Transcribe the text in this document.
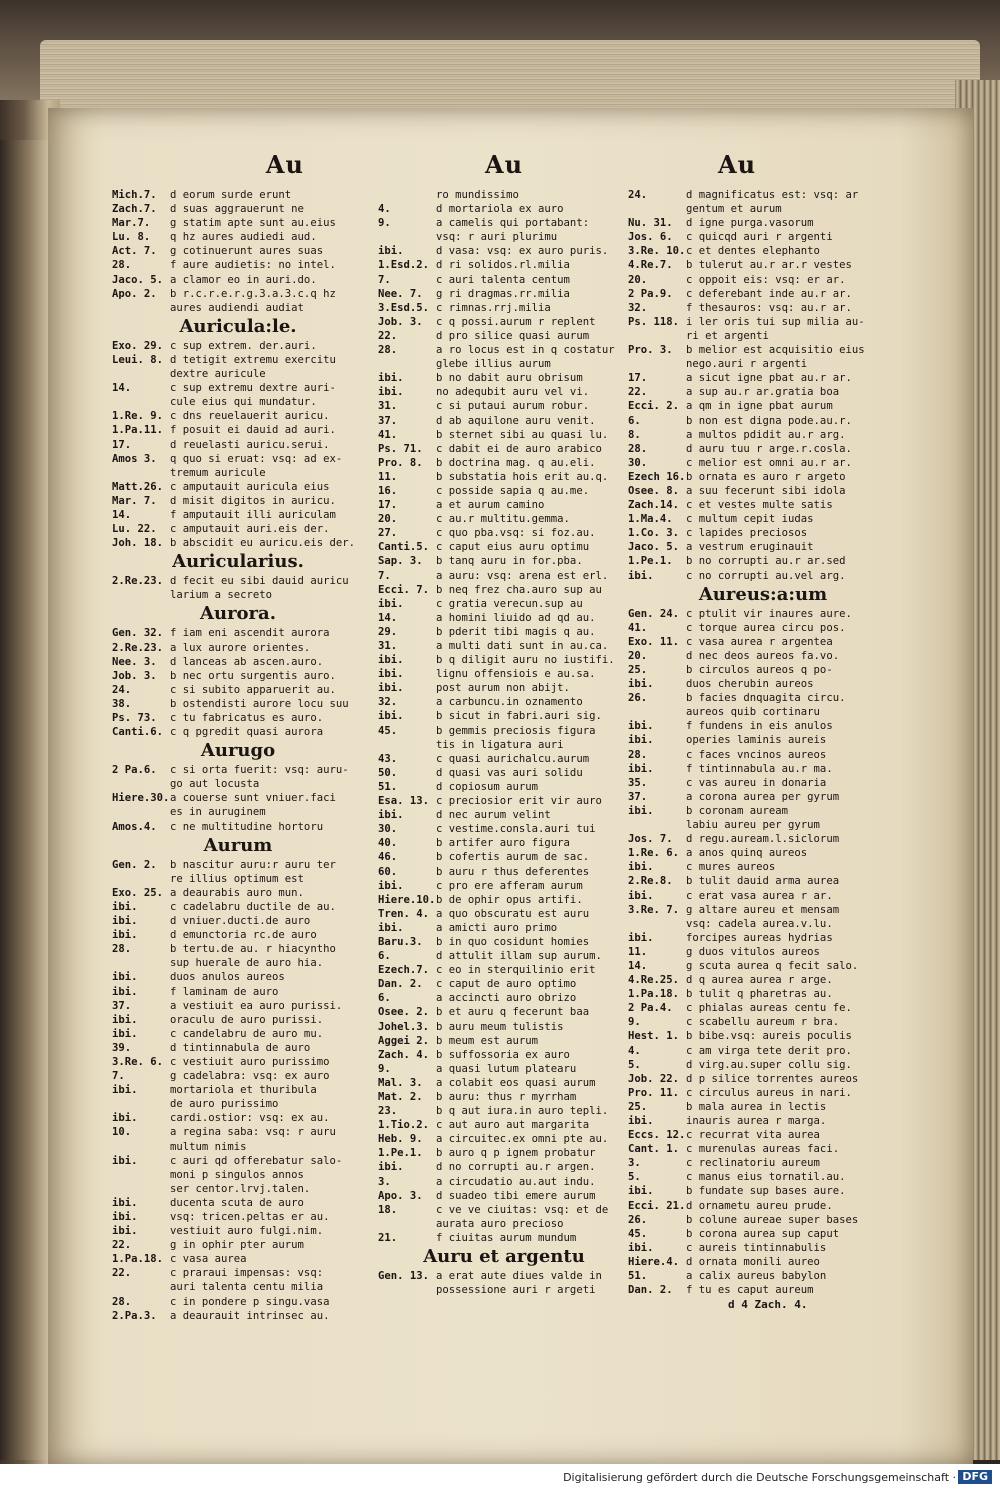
Au
Mich.7.	d eorum surde erunt
Zach.7.	d suas aggrauerunt ne
Mar.7.	g statim apte sunt au.eius
Lu. 8.	q hz aures audiedi aud.
Act. 7.	g cotinuerunt aures suas
28.	f aure audietis: no intel.
Jaco. 5. a clamor eo in auri.do.
Apo. 2.	b r.c.r.e.r.g.3.a.3.c.q hz
aures audiendi audiat
Auricula:le.
Exo. 29. c sup extrem. der.auri.
Leui. 8. d tetigit extremu exercitu
dextre auricule
14.	c sup extremu dextre auri-
cule eius qui mundatur.
1.Re. 9. c dns reuelauerit auricu.
1.Pa.11. f posuit ei dauid ad auri.
17.	d reuelasti auricu.serui.
Amos 3.	q quo si eruat: vsq: ad ex-
tremum auricule
Matt.26. c amputauit auricula eius
Mar. 7.	d misit digitos in auricu.
14.	f amputauit illi auriculam
Lu. 22.	c amputauit auri.eis der.
Joh. 18. b abscidit eu auricu.eis der.
Auricularius.
2.Re.23. d fecit eu sibi dauid auricu
larium a secreto
Aurora.
Gen. 32. f iam eni ascendit aurora
2.Re.23. a lux aurore orientes.
Nee. 3.	d lanceas ab ascen.auro.
Job. 3.	b nec ortu surgentis auro.
24.	c si subito apparuerit au.
38.	b ostendisti aurore locu suu
Ps. 73.	c tu fabricatus es auro.
Canti.6. c q pgredit quasi aurora
Aurugo
2 Pa.6.	c si orta fuerit: vsq: auru-
go aut locusta
Hiere.30. a couerse sunt vniuer.faci
es in auruginem
Amos.4.	c ne multitudine hortoru
Aurum
Gen. 2.	b nascitur auru:r auru ter
re illius optimum est
Exo. 25. a deaurabis auro mun.
ibi.	c cadelabru ductile de au.
ibi.	d vniuer.ducti.de auro
ibi.	d emunctoria rc.de auro
28.	b tertu.de au. r hiacyntho
sup huerale de auro hia.
ibi.	duos anulos aureos
ibi.	f laminam de auro
37.	a vestiuit ea auro purissi.
ibi.	oraculu de auro purissi.
ibi.	c candelabru de auro mu.
39.	d tintinnabula de auro
3.Re. 6. c vestiuit auro purissimo
7.	g cadelabra: vsq: ex auro
ibi.	mortariola et thuribula
de auro purissimo
ibi.	cardi.ostior: vsq: ex au.
10.	a regina saba: vsq: r auru
multum nimis
ibi.	c auri qd offerebatur salo-
moni p singulos annos
ser centor.lrvj.talen.
ibi.	ducenta scuta de auro
ibi.	vsq: tricen.peltas er au.
ibi.	vestiuit auro fulgi.nim.
22.	g in ophir pter aurum
1.Pa.18. c vasa aurea
22.	c praraui impensas: vsq:
auri talenta centu milia
28.	c in pondere p singu.vasa
2.Pa.3.	a deaurauit intrinsec au.
Au
ro mundissimo
4.	d mortariola ex auro
9.	a camelis qui portabant:
vsq: r auri plurimu
ibi.	d vasa: vsq: ex auro puris.
1.Esd.2. d ri solidos.rl.milia
7.	c auri talenta centum
Nee. 7.	g ri dragmas.rr.milia
3.Esd.5. c rimnas.rrj.milia
Job. 3.	c q possi.aurum r replent
22.	d pro silice quasi aurum
28.	a ro locus est in q costatur
glebe illius aurum
ibi.	b no dabit auru obrisum
ibi.	no adequbit auru vel vi.
31.	c si putaui aurum robur.
37.	d ab aquilone auru venit.
41.	b sternet sibi au quasi lu.
Ps. 71.	c dabit ei de auro arabico
Pro. 8.	b doctrina mag. q au.eli.
11.	b substatia hois erit au.q.
16.	c posside sapia q au.me.
17.	a et aurum camino
20.	c au.r multitu.gemma.
27.	c quo pba.vsq: si foz.au.
Canti.5. c caput eius auru optimu
Sap. 3.	b tanq auru in for.pba.
7.	a auru: vsq: arena est erl.
Ecci. 7. b neq frez cha.auro sup au
ibi.	c gratia verecun.sup au
14.	a homini liuido ad qd au.
29.	b pderit tibi magis q au.
31.	a multi dati sunt in au.ca.
ibi.	b q diligit auru no iustifi.
ibi.	lignu offensiois e au.sa.
ibi.	post aurum non abijt.
32.	a carbuncu.in oznamento
ibi.	b sicut in fabri.auri sig.
45.	b gemmis preciosis figura
tis in ligatura auri
43.	c quasi aurichalcu.aurum
50.	d quasi vas auri solidu
51.	d copiosum aurum
Esa. 13. c preciosior erit vir auro
ibi.	d nec aurum velint
30.	c vestime.consla.auri tui
40.	b artifer auro figura
46.	b cofertis aurum de sac.
60.	b auru r thus deferentes
ibi.	c pro ere afferam aurum
Hiere.10. b de ophir opus artifi.
Tren. 4. a quo obscuratu est auru
ibi.	a amicti auro primo
Baru.3.	b in quo cosidunt homies
6.	d attulit illam sup aurum.
Ezech.7. c eo in sterquilinio erit
Dan. 2.	c caput de auro optimo
6.	a accincti auro obrizo
Osee. 2. b et auru q fecerunt baa
Johel.3. b auru meum tulistis
Aggei 2. b meum est aurum
Zach. 4. b suffossoria ex auro
9.	a quasi lutum platearu
Mal. 3.	a colabit eos quasi aurum
Mat. 2.	b auru: thus r myrrham
23.	b q aut iura.in auro tepli.
1.Tio.2. c aut auro aut margarita
Heb. 9.	a circuitec.ex omni pte au.
1.Pe.1.	b auro q p ignem probatur
ibi.	d no corrupti au.r argen.
3.	a circudatio au.aut indu.
Apo. 3.	d suadeo tibi emere aurum
18.	c ve ve ciuitas: vsq: et de
aurata auro precioso
21.	f ciuitas aurum mundum
Auru et argentu
Gen. 13. a erat aute diues valde in
possessione auri r argeti
Au
24.	d magnificatus est: vsq: ar
gentum et aurum
Nu. 31.	d igne purga.vasorum
Jos. 6.	c quicqd auri r argenti
3.Re. 10. c et dentes elephanto
4.Re.7.	b tulerut au.r ar.r vestes
20.	c oppoit eis: vsq: er ar.
2 Pa.9.	c deferebant inde au.r ar.
32.	f thesauros: vsq: au.r ar.
Ps. 118. i ler oris tui sup milia au-
ri et argenti
Pro. 3.	b melior est acquisitio eius
nego.auri r argenti
17.	a sicut igne pbat au.r ar.
22.	a sup au.r ar.gratia boa
Ecci. 2. a qm in igne pbat aurum
6.	b non est digna pode.au.r.
8.	a multos pdidit au.r arg.
28.	d auru tuu r arge.r.cosla.
30.	c melior est omni au.r ar.
Ezech 16. b ornata es auro r argeto
Osee. 8. a suu fecerunt sibi idola
Zach.14. c et vestes multe satis
1.Ma.4.	c multum cepit iudas
1.Co. 3. c lapides preciosos
Jaco. 5. a vestrum eruginauit
1.Pe.1.	b no corrupti au.r ar.sed
ibi.	c no corrupti au.vel arg.
Aureus:a:um
Gen. 24. c ptulit vir inaures aure.
41.	c torque aurea circu pos.
Exo. 11. c vasa aurea r argentea
20.	d nec deos aureos fa.vo.
25.	b circulos aureos q po-
ibi.	duos cherubin aureos
26.	b facies dnquagita circu.
aureos quib cortinaru
ibi.	f fundens in eis anulos
ibi.	operies laminis aureis
28.	c faces vncinos aureos
ibi.	f tintinnabula au.r ma.
35.	c vas aureu in donaria
37.	a corona aurea per gyrum
ibi.	b coronam auream
labiu aureu per gyrum
Jos. 7.	d regu.auream.l.siclorum
1.Re. 6. a anos quinq aureos
ibi.	c mures aureos
2.Re.8.	b tulit dauid arma aurea
ibi.	c erat vasa aurea r ar.
3.Re. 7. g altare aureu et mensam
vsq: cadela aurea.v.lu.
ibi.	forcipes aureas hydrias
11.	g duos vitulos aureos
14.	g scuta aurea q fecit salo.
4.Re.25. d q aurea aurea r arge.
1.Pa.18. b tulit q pharetras au.
2 Pa.4.	c phialas aureas centu fe.
9.	c scabellu aureum r bra.
Hest. 1. b bibe.vsq: aureis poculis
4.	c am virga tete derit pro.
5.	d virg.au.super collu sig.
Job. 22. d p silice torrentes aureos
Pro. 11. c circulus aureus in nari.
25.	b mala aurea in lectis
ibi.	inauris aurea r marga.
Eccs. 12. c recurrat vita aurea
Cant. 1. c murenulas aureas faci.
3.	c reclinatoriu aureum
5.	c manus eius tornatil.au.
ibi.	b fundate sup bases aure.
Ecci. 21. d ornametu aureu prude.
26.	b colune aureae super bases
45.	b corona aurea sup caput
ibi.	c aureis tintinnabulis
Hiere.4. d ornata monili aureo
51.	a calix aureus babylon
Dan. 2.	f tu es caput aureum
d 4 Zach. 4.
Digitalisierung gefördert durch die Deutsche Forschungsgemeinschaft · DFG
